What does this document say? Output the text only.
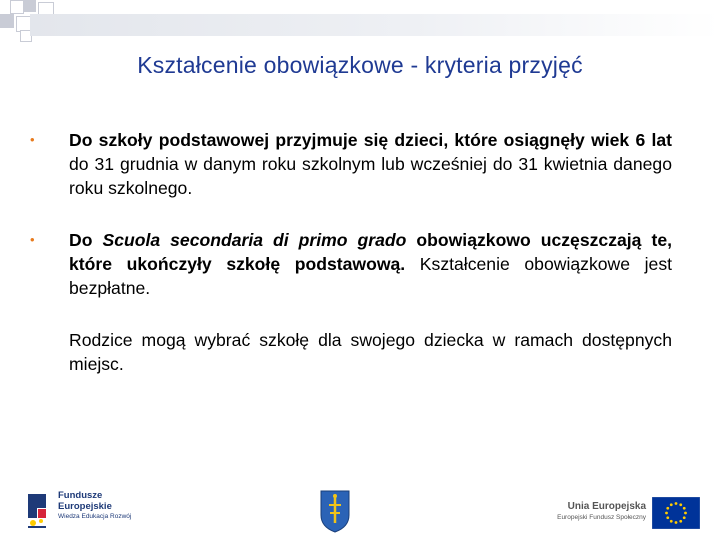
Kształcenie obowiązkowe - kryteria przyjęć
• Do szkoły podstawowej przyjmuje się dzieci, które osiągnęły wiek 6 lat do 31 grudnia w danym roku szkolnym lub wcześniej do 31 kwietnia danego roku szkolnego.
• Do Scuola secondaria di primo grado obowiązkowo uczęszczają te, które ukończyły szkołę podstawową. Kształcenie obowiązkowe jest bezpłatne.
Rodzice mogą wybrać szkołę dla swojego dziecka w ramach dostępnych miejsc.
Fundusze
Europejskie
Wiedza Edukacja Rozwój
Unia Europejska
Europejski Fundusz Społeczny
